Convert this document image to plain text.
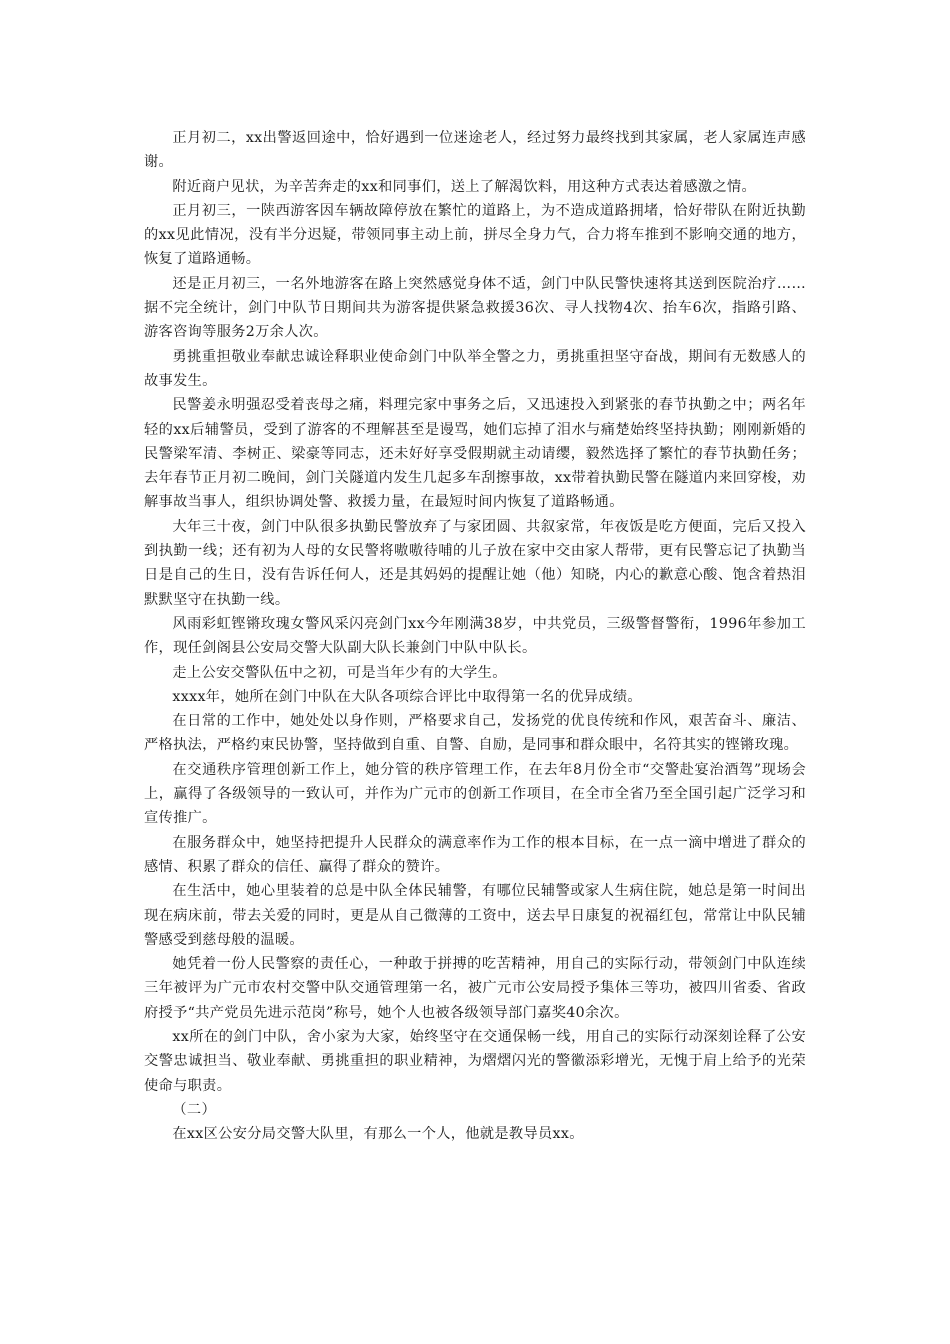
正月初二，xx出警返回途中，恰好遇到一位迷途老人，经过努力最终找到其家属，老人家属连声感谢。

附近商户见状，为辛苦奔走的xx和同事们，送上了解渴饮料，用这种方式表达着感激之情。

正月初三，一陕西游客因车辆故障停放在繁忙的道路上，为不造成道路拥堵，恰好带队在附近执勤的xx见此情况，没有半分迟疑，带领同事主动上前，拼尽全身力气，合力将车推到不影响交通的地方，恢复了道路通畅。

还是正月初三，一名外地游客在路上突然感觉身体不适，剑门中队民警快速将其送到医院治疗……据不完全统计，剑门中队节日期间共为游客提供紧急救援36次、寻人找物4次、抬车6次，指路引路、游客咨询等服务2万余人次。

勇挑重担敬业奉献忠诚诠释职业使命剑门中队举全警之力，勇挑重担坚守奋战，期间有无数感人的故事发生。

民警姜永明强忍受着丧母之痛，料理完家中事务之后，又迅速投入到紧张的春节执勤之中；两名年轻的xx后辅警员，受到了游客的不理解甚至是谩骂，她们忘掉了泪水与痛楚始终坚持执勤；刚刚新婚的民警梁军清、李树正、梁豪等同志，还未好好享受假期就主动请缨，毅然选择了繁忙的春节执勤任务；去年春节正月初二晚间，剑门关隧道内发生几起多车刮擦事故，xx带着执勤民警在隧道内来回穿梭，劝解事故当事人，组织协调处警、救援力量，在最短时间内恢复了道路畅通。

大年三十夜，剑门中队很多执勤民警放弃了与家团圆、共叙家常，年夜饭是吃方便面，完后又投入到执勤一线；还有初为人母的女民警将嗷嗷待哺的儿子放在家中交由家人帮带，更有民警忘记了执勤当日是自己的生日，没有告诉任何人，还是其妈妈的提醒让她（他）知晓，内心的歉意心酸、饱含着热泪默默坚守在执勤一线。

风雨彩虹铿锵玫瑰女警风采闪亮剑门xx今年刚满38岁，中共党员，三级警督警衔，1996年参加工作，现任剑阁县公安局交警大队副大队长兼剑门中队中队长。

走上公安交警队伍中之初，可是当年少有的大学生。

xxxx年，她所在剑门中队在大队各项综合评比中取得第一名的优异成绩。

在日常的工作中，她处处以身作则，严格要求自己，发扬党的优良传统和作风，艰苦奋斗、廉洁、严格执法，严格约束民协警，坚持做到自重、自警、自励，是同事和群众眼中，名符其实的铿锵玫瑰。

在交通秩序管理创新工作上，她分管的秩序管理工作，在去年8月份全市“交警赴宴治酒驾”现场会上，赢得了各级领导的一致认可，并作为广元市的创新工作项目，在全市全省乃至全国引起广泛学习和宣传推广。

在服务群众中，她坚持把提升人民群众的满意率作为工作的根本目标，在一点一滴中增进了群众的感情、积累了群众的信任、赢得了群众的赞许。

在生活中，她心里装着的总是中队全体民辅警，有哪位民辅警或家人生病住院，她总是第一时间出现在病床前，带去关爱的同时，更是从自己微薄的工资中，送去早日康复的祝福红包，常常让中队民辅警感受到慈母般的温暖。

她凭着一份人民警察的责任心，一种敢于拼搏的吃苦精神，用自己的实际行动，带领剑门中队连续三年被评为广元市农村交警中队交通管理第一名，被广元市公安局授予集体三等功，被四川省委、省政府授予“共产党员先进示范岗”称号，她个人也被各级领导部门嘉奖40余次。

xx所在的剑门中队，舍小家为大家，始终坚守在交通保畅一线，用自己的实际行动深刻诠释了公安交警忠诚担当、敬业奉献、勇挑重担的职业精神，为熠熠闪光的警徽添彩增光，无愧于肩上给予的光荣使命与职责。

（二）

在xx区公安分局交警大队里，有那么一个人，他就是教导员xx。
